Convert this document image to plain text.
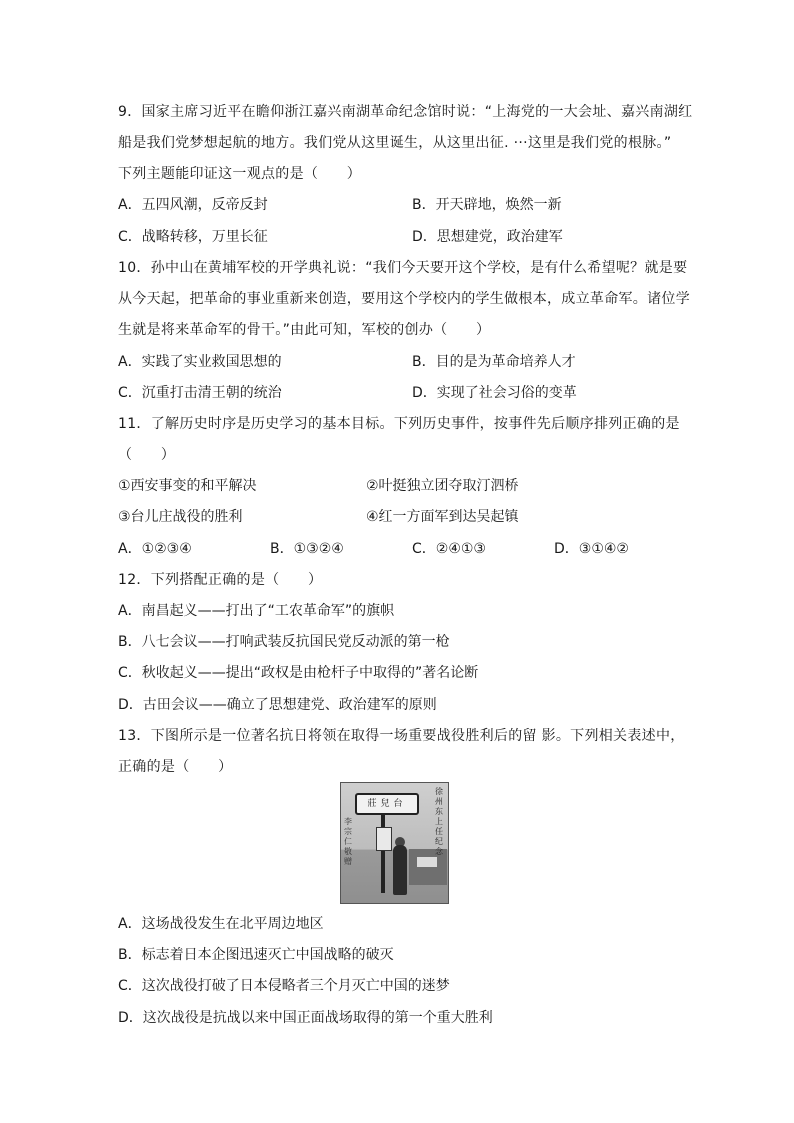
9．国家主席习近平在瞻仰浙江嘉兴南湖革命纪念馆时说：“上海党的一大会址、嘉兴南湖红
船是我们党梦想起航的地方。我们党从这里诞生，从这里出征. ···这里是我们党的根脉。”
下列主题能印证这一观点的是（　　）
A．五四风潮，反帝反封	B．开天辟地，焕然一新
C．战略转移，万里长征	D．思想建党，政治建军
10．孙中山在黄埔军校的开学典礼说：“我们今天要开这个学校，是有什么希望呢？就是要
从今天起，把革命的事业重新来创造，要用这个学校内的学生做根本，成立革命军。诸位学
生就是将来革命军的骨干。”由此可知，军校的创办（　　）
A．实践了实业救国思想的	B．目的是为革命培养人才
C．沉重打击清王朝的统治	D．实现了社会习俗的变革
11．了解历史时序是历史学习的基本目标。下列历史事件，按事件先后顺序排列正确的是
（　　）
①西安事变的和平解决	②叶挺独立团夺取汀泗桥
③台儿庄战役的胜利	④红一方面军到达吴起镇
A．①②③④	B．①③②④	C．②④①③	D．③①④②
12．下列搭配正确的是（　　）
A．南昌起义——打出了“工农革命军”的旗帜
B．八七会议——打响武装反抗国民党反动派的第一枪
C．秋收起义——提出“政权是由枪杆子中取得的”著名论断
D．古田会议——确立了思想建党、政治建军的原则
13．下图所示是一位著名抗日将领在取得一场重要战役胜利后的留 影。下列相关表述中，
正确的是（　　）
莊兒台
徐州东上任纪念
李宗仁敬赠
A．这场战役发生在北平周边地区
B．标志着日本企图迅速灭亡中国战略的破灭
C．这次战役打破了日本侵略者三个月灭亡中国的迷梦
D．这次战役是抗战以来中国正面战场取得的第一个重大胜利
